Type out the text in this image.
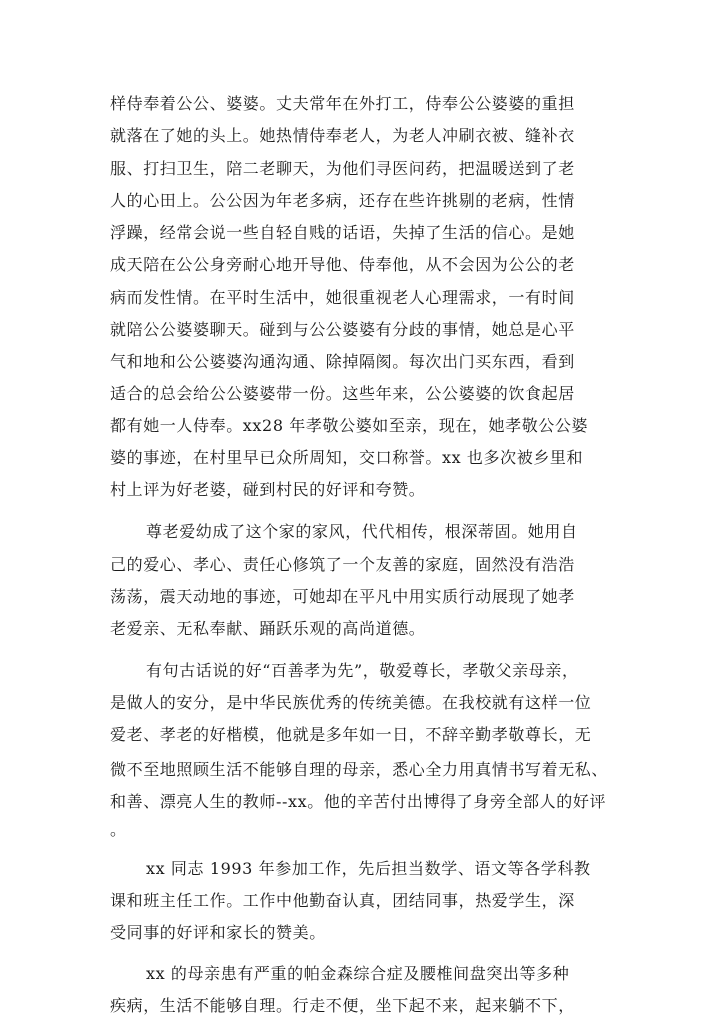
样侍奉着公公、婆婆。丈夫常年在外打工，侍奉公公婆婆的重担
就落在了她的头上。她热情侍奉老人，为老人冲刷衣被、缝补衣
服、打扫卫生，陪二老聊天，为他们寻医问药，把温暖送到了老
人的心田上。公公因为年老多病，还存在些许挑剔的老病，性情
浮躁，经常会说一些自轻自贱的话语，失掉了生活的信心。是她
成天陪在公公身旁耐心地开导他、侍奉他，从不会因为公公的老
病而发性情。在平时生活中，她很重视老人心理需求，一有时间
就陪公公婆婆聊天。碰到与公公婆婆有分歧的事情，她总是心平
气和地和公公婆婆沟通沟通、除掉隔阂。每次出门买东西，看到
适合的总会给公公婆婆带一份。这些年来，公公婆婆的饮食起居
都有她一人侍奉。xx28 年孝敬公婆如至亲，现在，她孝敬公公婆
婆的事迹，在村里早已众所周知，交口称誉。xx 也多次被乡里和
村上评为好老婆，碰到村民的好评和夸赞。
尊老爱幼成了这个家的家风，代代相传，根深蒂固。她用自
己的爱心、孝心、责任心修筑了一个友善的家庭，固然没有浩浩
荡荡，震天动地的事迹，可她却在平凡中用实质行动展现了她孝
老爱亲、无私奉献、踊跃乐观的高尚道德。
有句古话说的好“百善孝为先”，敬爱尊长，孝敬父亲母亲，
是做人的安分，是中华民族优秀的传统美德。在我校就有这样一位
爱老、孝老的好楷模，他就是多年如一日，不辞辛勤孝敬尊长，无
微不至地照顾生活不能够自理的母亲，悉心全力用真情书写着无私、
和善、漂亮人生的教师--xx。他的辛苦付出博得了身旁全部人的好评
。
xx 同志 1993 年参加工作，先后担当数学、语文等各学科教
课和班主任工作。工作中他勤奋认真，团结同事，热爱学生，深
受同事的好评和家长的赞美。
xx 的母亲患有严重的帕金森综合症及腰椎间盘突出等多种
疾病，生活不能够自理。行走不便，坐下起不来，起来躺不下，
